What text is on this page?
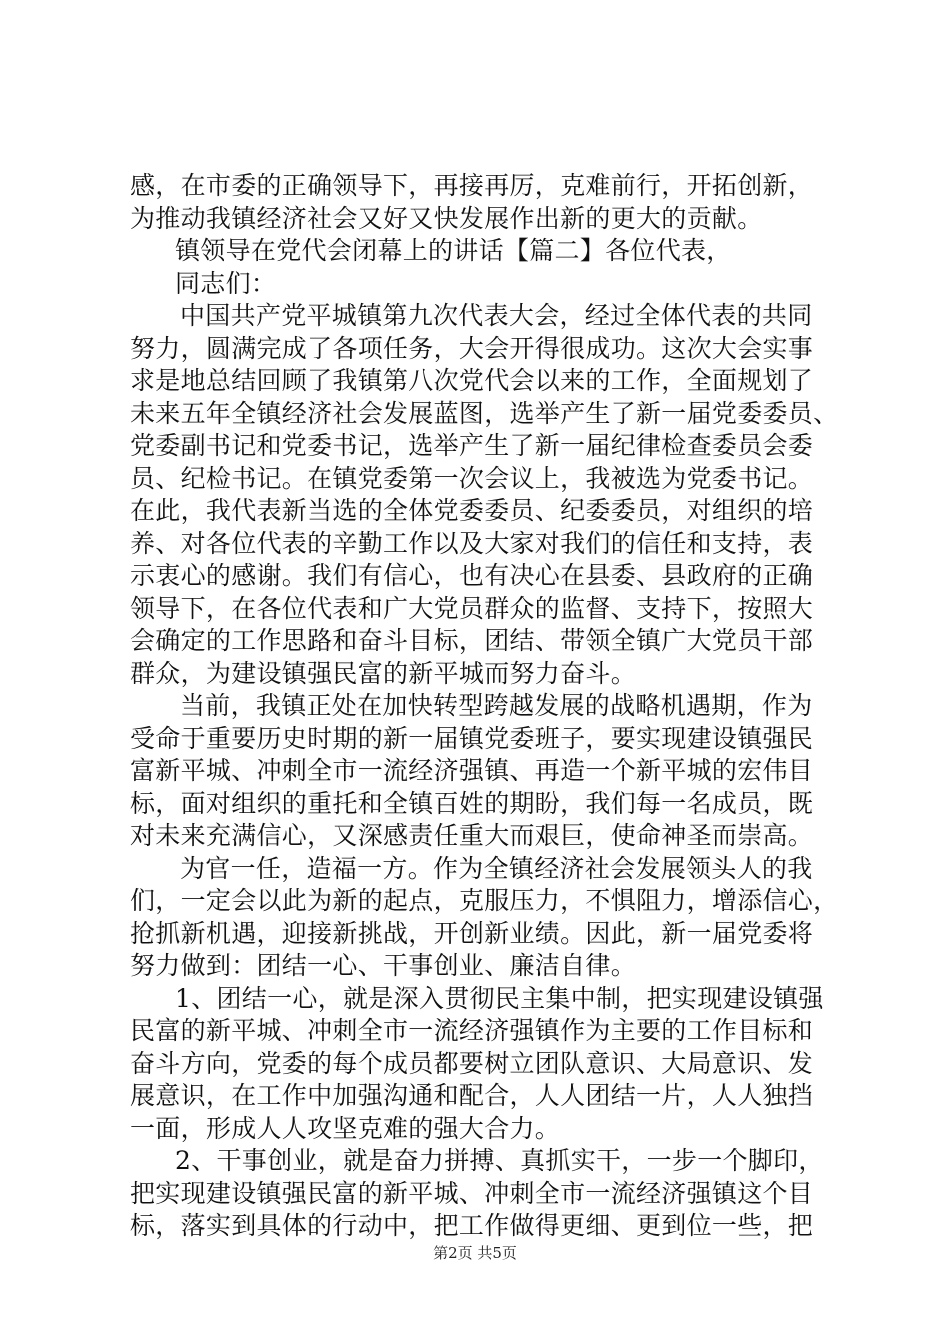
感，在市委的正确领导下，再接再厉，克难前行，开拓创新，
为推动我镇经济社会又好又快发展作出新的更大的贡献。
镇领导在党代会闭幕上的讲话【篇二】各位代表，
同志们：
中国共产党平城镇第九次代表大会，经过全体代表的共同
努力，圆满完成了各项任务，大会开得很成功。这次大会实事
求是地总结回顾了我镇第八次党代会以来的工作，全面规划了
未来五年全镇经济社会发展蓝图，选举产生了新一届党委委员、
党委副书记和党委书记，选举产生了新一届纪律检查委员会委
员、纪检书记。在镇党委第一次会议上，我被选为党委书记。
在此，我代表新当选的全体党委委员、纪委委员，对组织的培
养、对各位代表的辛勤工作以及大家对我们的信任和支持，表
示衷心的感谢。我们有信心，也有决心在县委、县政府的正确
领导下，在各位代表和广大党员群众的监督、支持下，按照大
会确定的工作思路和奋斗目标，团结、带领全镇广大党员干部
群众，为建设镇强民富的新平城而努力奋斗。
当前，我镇正处在加快转型跨越发展的战略机遇期，作为
受命于重要历史时期的新一届镇党委班子，要实现建设镇强民
富新平城、冲刺全市一流经济强镇、再造一个新平城的宏伟目
标，面对组织的重托和全镇百姓的期盼，我们每一名成员，既
对未来充满信心，又深感责任重大而艰巨，使命神圣而崇高。
为官一任，造福一方。作为全镇经济社会发展领头人的我
们，一定会以此为新的起点，克服压力，不惧阻力，增添信心，
抢抓新机遇，迎接新挑战，开创新业绩。因此，新一届党委将
努力做到：团结一心、干事创业、廉洁自律。
1、团结一心，就是深入贯彻民主集中制，把实现建设镇强
民富的新平城、冲刺全市一流经济强镇作为主要的工作目标和
奋斗方向，党委的每个成员都要树立团队意识、大局意识、发
展意识，在工作中加强沟通和配合，人人团结一片，人人独挡
一面，形成人人攻坚克难的强大合力。
2、干事创业，就是奋力拼搏、真抓实干，一步一个脚印，
把实现建设镇强民富的新平城、冲刺全市一流经济强镇这个目
标，落实到具体的行动中，把工作做得更细、更到位一些，把
第2页 共5页
